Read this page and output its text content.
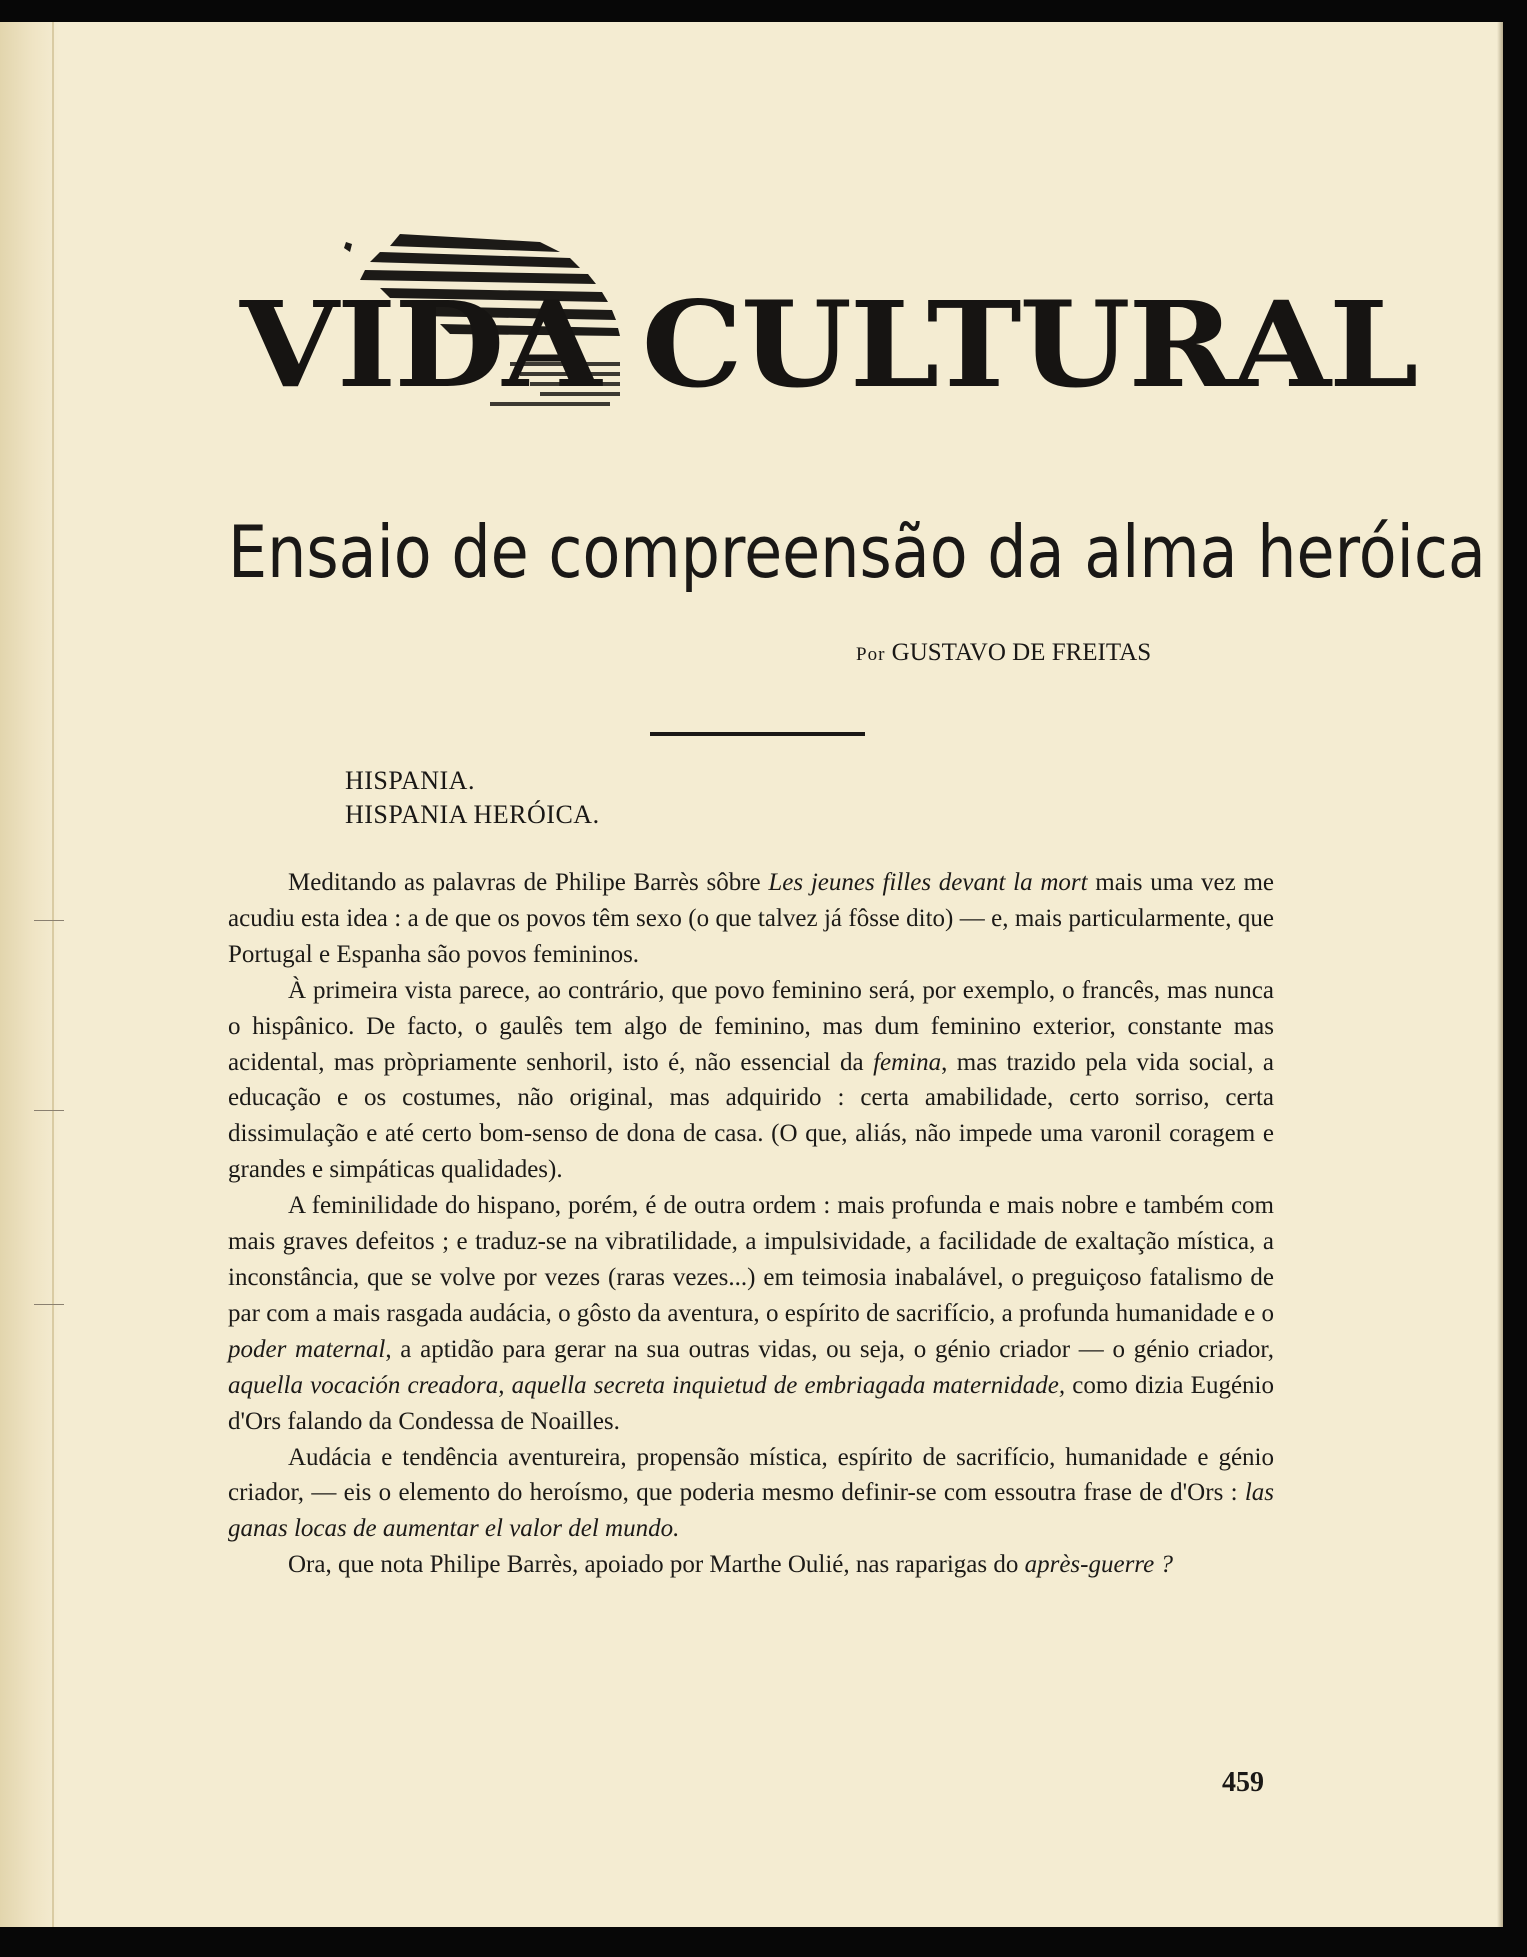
VIDA CULTURAL
Ensaio de compreensão da alma heróica
Por GUSTAVO DE FREITAS
HISPANIA.
HISPANIA HERÓICA.

Meditando as palavras de Philipe Barrès sôbre Les jeunes filles devant la mort mais uma vez me acudiu esta idea : a de que os povos têm sexo (o que talvez já fôsse dito) — e, mais particularmente, que Portugal e Espanha são povos femininos.

À primeira vista parece, ao contrário, que povo feminino será, por exemplo, o francês, mas nunca o hispânico. De facto, o gaulês tem algo de feminino, mas dum feminino exterior, constante mas acidental, mas pròpriamente senhoril, isto é, não essencial da femina, mas trazido pela vida social, a educação e os costumes, não original, mas adquirido : certa amabilidade, certo sorriso, certa dissimulação e até certo bom-senso de dona de casa. (O que, aliás, não impede uma varonil coragem e grandes e simpáticas qualidades).

A feminilidade do hispano, porém, é de outra ordem : mais profunda e mais nobre e também com mais graves defeitos ; e traduz-se na vibratilidade, a impulsividade, a facilidade de exaltação mística, a inconstância, que se volve por vezes (raras vezes...) em teimosia inabalável, o preguiçoso fatalismo de par com a mais rasgada audácia, o gôsto da aventura, o espírito de sacrifício, a profunda humanidade e o poder maternal, a aptidão para gerar na sua outras vidas, ou seja, o génio criador — o génio criador, aquella vocación creadora, aquella secreta inquietud de embriagada maternidade, como dizia Eugénio d'Ors falando da Condessa de Noailles.

Audácia e tendência aventureira, propensão mística, espírito de sacrifício, humanidade e génio criador, — eis o elemento do heroísmo, que poderia mesmo definir-se com essoutra frase de d'Ors : las ganas locas de aumentar el valor del mundo.

Ora, que nota Philipe Barrès, apoiado por Marthe Oulié, nas raparigas do après-guerre ?

459
